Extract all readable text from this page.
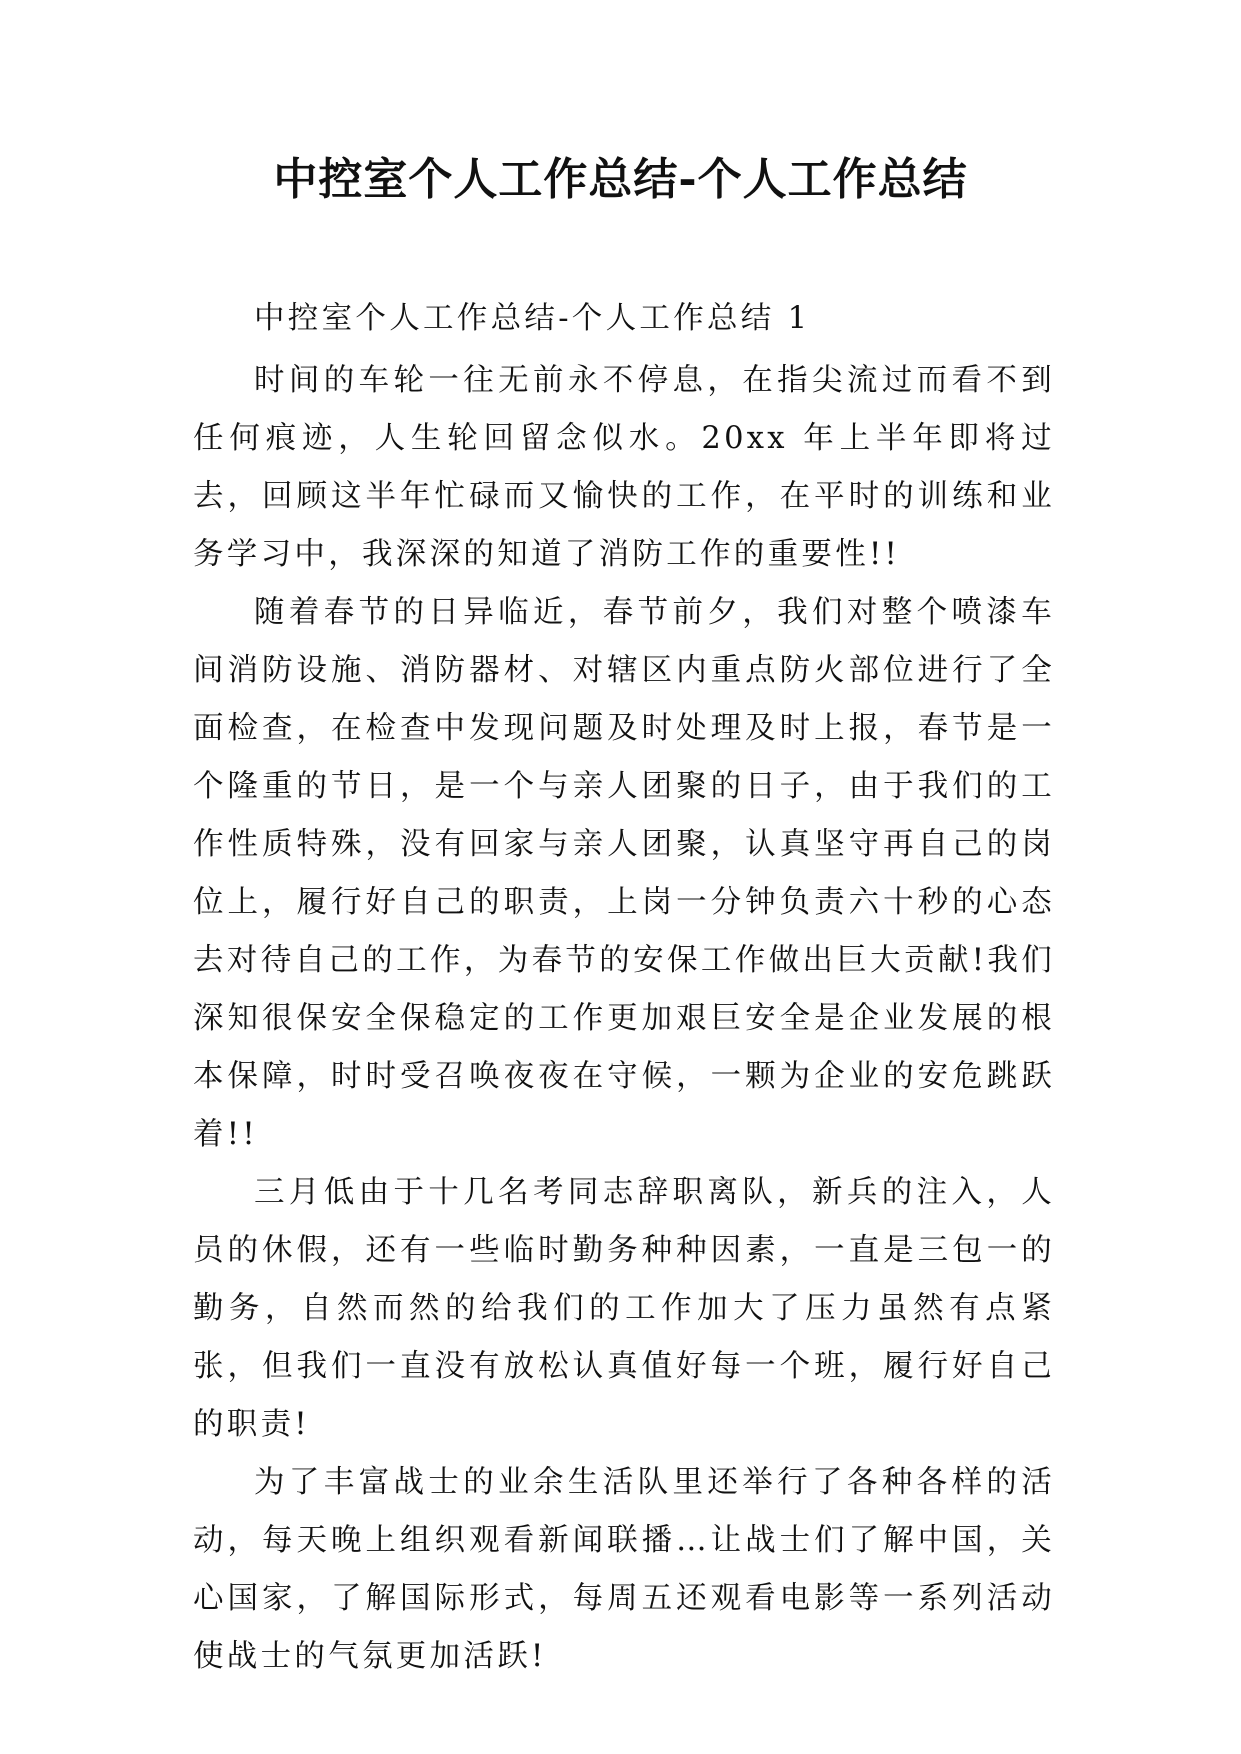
中控室个人工作总结-个人工作总结

中控室个人工作总结-个人工作总结 1

时间的车轮一往无前永不停息，在指尖流过而看不到任何痕迹，人生轮回留念似水。20xx 年上半年即将过去，回顾这半年忙碌而又愉快的工作，在平时的训练和业务学习中，我深深的知道了消防工作的重要性!!

随着春节的日异临近，春节前夕，我们对整个喷漆车间消防设施、消防器材、对辖区内重点防火部位进行了全面检查，在检查中发现问题及时处理及时上报，春节是一个隆重的节日，是一个与亲人团聚的日子，由于我们的工作性质特殊，没有回家与亲人团聚，认真坚守再自己的岗位上，履行好自己的职责，上岗一分钟负责六十秒的心态去对待自己的工作，为春节的安保工作做出巨大贡献!我们深知很保安全保稳定的工作更加艰巨安全是企业发展的根本保障，时时受召唤夜夜在守候，一颗为企业的安危跳跃着!!

三月低由于十几名考同志辞职离队，新兵的注入，人员的休假，还有一些临时勤务种种因素，一直是三包一的勤务，自然而然的给我们的工作加大了压力虽然有点紧张，但我们一直没有放松认真值好每一个班，履行好自己的职责!

为了丰富战士的业余生活队里还举行了各种各样的活动，每天晚上组织观看新闻联播…让战士们了解中国，关心国家，了解国际形式，每周五还观看电影等一系列活动使战士的气氛更加活跃!
